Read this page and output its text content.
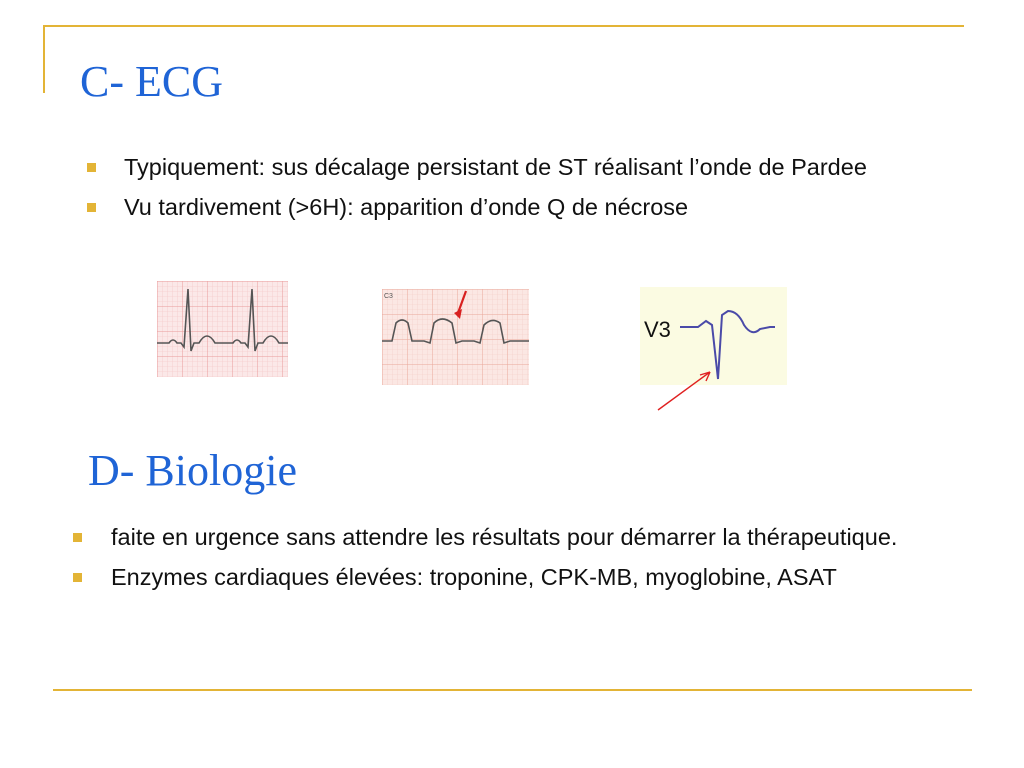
C- ECG
Typiquement: sus décalage persistant de ST réalisant l’onde de Pardee
Vu tardivement (>6H): apparition d’onde Q de nécrose
C3
V3
D- Biologie
faite en urgence sans attendre les résultats pour démarrer la thérapeutique.
Enzymes cardiaques élevées: troponine, CPK-MB, myoglobine, ASAT
